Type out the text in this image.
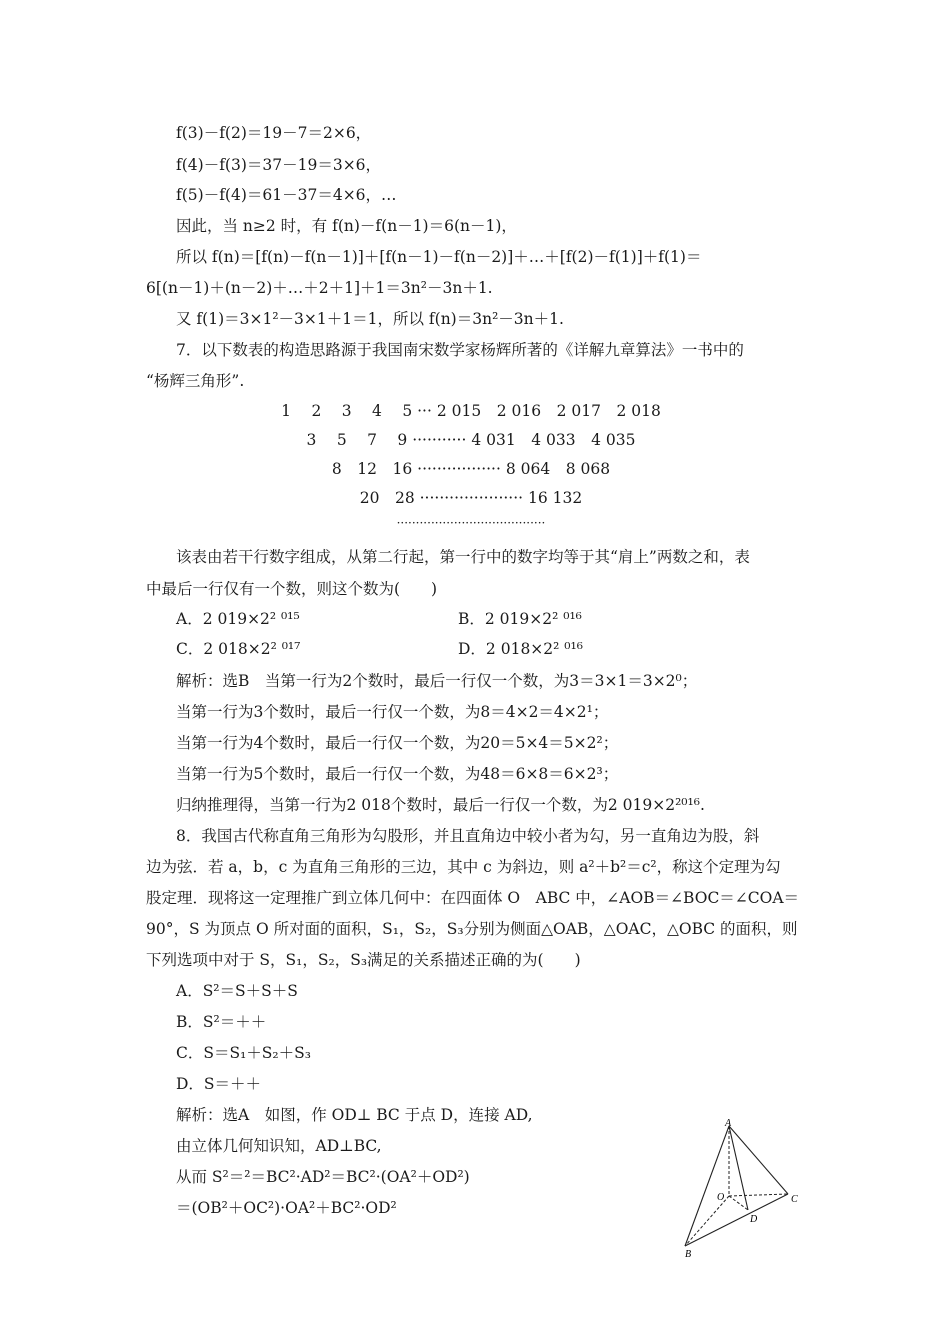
f(3)－f(2)＝19－7＝2×6，
f(4)－f(3)＝37－19＝3×6，
f(5)－f(4)＝61－37＝4×6，…
因此，当 n≥2 时，有 f(n)－f(n－1)＝6(n－1)，
所以 f(n)＝[f(n)－f(n－1)]＋[f(n－1)－f(n－2)]＋…＋[f(2)－f(1)]＋f(1)＝
6[(n－1)＋(n－2)＋…＋2＋1]＋1＝3n²－3n＋1.
又 f(1)＝3×1²－3×1＋1＝1，所以 f(n)＝3n²－3n＋1.
7．以下数表的构造思路源于我国南宋数学家杨辉所著的《详解九章算法》一书中的
“杨辉三角形”.
1　 2　 3　 4　 5 ··· 2 015　2 016　2 017　2 018
3　 5　 7　 9 ··········· 4 031　4 033　4 035
8　12　16 ················· 8 064　8 068
20　28 ····················· 16 132
·······································
该表由若干行数字组成，从第二行起，第一行中的数字均等于其“肩上”两数之和，表
中最后一行仅有一个数，则这个数为(　　)
A．2 019×2² ⁰¹⁵	B．2 019×2² ⁰¹⁶
C．2 018×2² ⁰¹⁷	D．2 018×2² ⁰¹⁶
解析：选B　当第一行为2个数时，最后一行仅一个数，为3＝3×1＝3×2⁰；
当第一行为3个数时，最后一行仅一个数，为8＝4×2＝4×2¹；
当第一行为4个数时，最后一行仅一个数，为20＝5×4＝5×2²；
当第一行为5个数时，最后一行仅一个数，为48＝6×8＝6×2³；
归纳推理得，当第一行为2 018个数时，最后一行仅一个数，为2 019×2²⁰¹⁶.
8．我国古代称直角三角形为勾股形，并且直角边中较小者为勾，另一直角边为股，斜
边为弦．若 a，b，c 为直角三角形的三边，其中 c 为斜边，则 a²＋b²＝c²，称这个定理为勾
股定理．现将这一定理推广到立体几何中：在四面体 O　ABC 中，∠AOB＝∠BOC＝∠COA＝
90°，S 为顶点 O 所对面的面积，S₁，S₂，S₃分别为侧面△OAB，△OAC，△OBC 的面积，则
下列选项中对于 S，S₁，S₂，S₃满足的关系描述正确的为(　　)
A．S²＝S＋S＋S
B．S²＝＋＋
C．S＝S₁＋S₂＋S₃
D．S＝＋＋
解析：选A　如图，作 OD⊥ BC 于点 D，连接 AD,
由立体几何知识知，AD⊥BC,
从而 S²＝²＝BC²·AD²＝BC²·(OA²＋OD²)
＝(OB²＋OC²)·OA²＋BC²·OD²
A
O	C
D
B
